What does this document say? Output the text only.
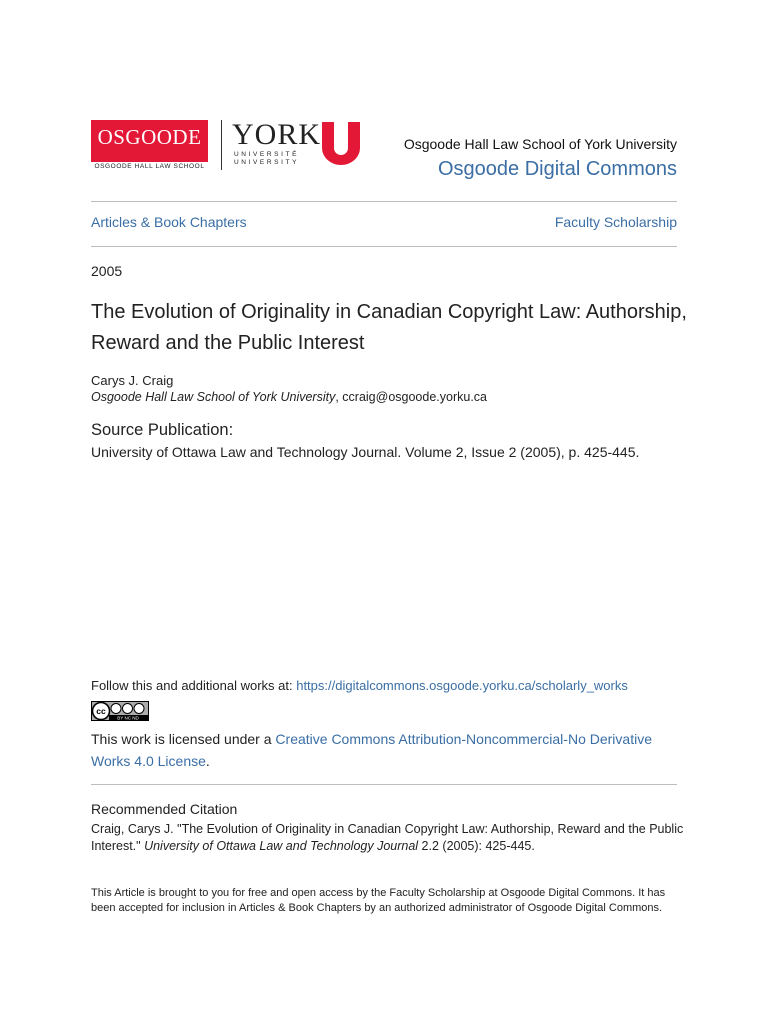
OSGOODE
OSGOODE HALL LAW SCHOOL
YORK
UNIVERSITÉ
UNIVERSITY
Osgoode Hall Law School of York University
Osgoode Digital Commons
Articles & Book Chapters	Faculty Scholarship
2005
The Evolution of Originality in Canadian Copyright Law: Authorship, Reward and the Public Interest
Carys J. Craig
Osgoode Hall Law School of York University, ccraig@osgoode.yorku.ca
Source Publication:
University of Ottawa Law and Technology Journal. Volume 2, Issue 2 (2005), p. 425-445.
Follow this and additional works at: https://digitalcommons.osgoode.yorku.ca/scholarly_works
cc
BY NC ND
This work is licensed under a Creative Commons Attribution-Noncommercial-No Derivative Works 4.0 License.
Recommended Citation
Craig, Carys J. "The Evolution of Originality in Canadian Copyright Law: Authorship, Reward and the Public Interest." University of Ottawa Law and Technology Journal 2.2 (2005): 425-445.
This Article is brought to you for free and open access by the Faculty Scholarship at Osgoode Digital Commons. It has been accepted for inclusion in Articles & Book Chapters by an authorized administrator of Osgoode Digital Commons.
